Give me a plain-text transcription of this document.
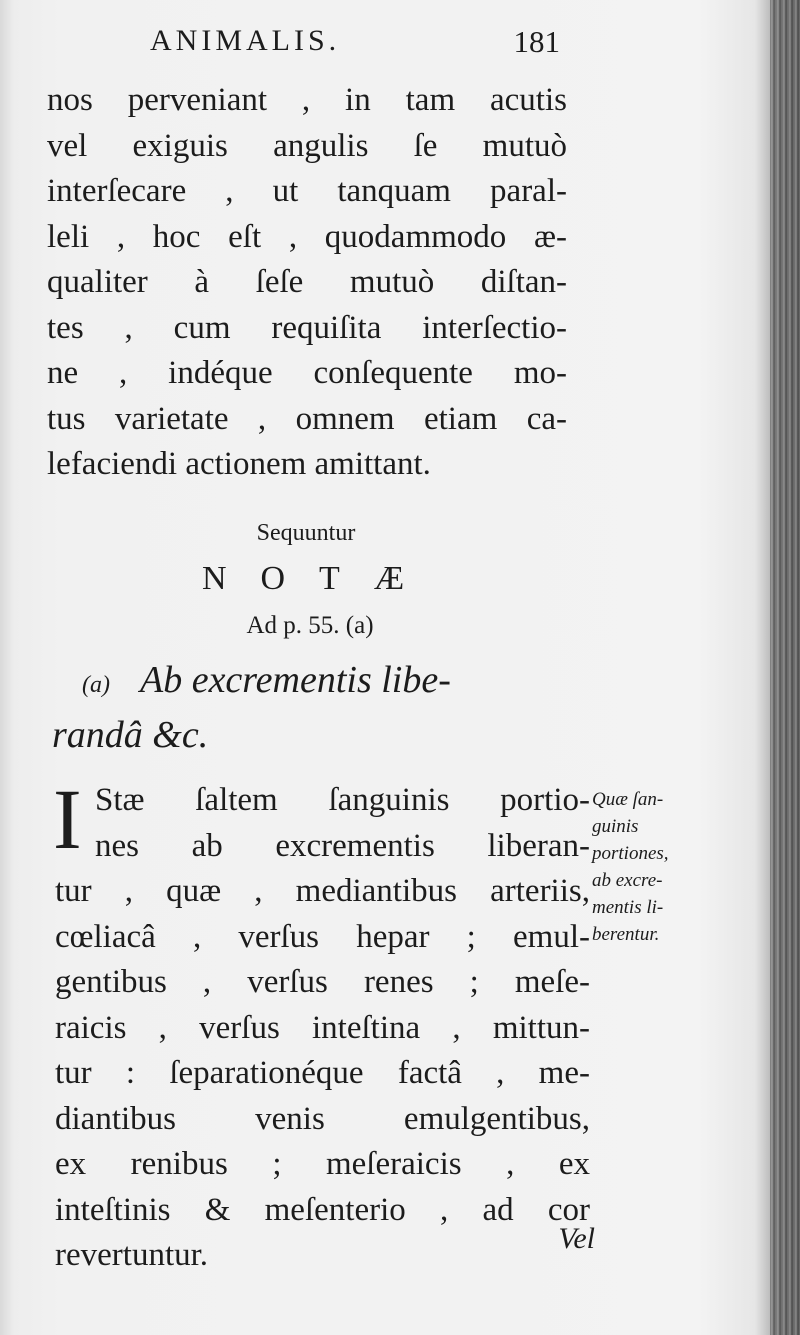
ANIMALIS.	181
nos perveniant , in tam acutis
vel exiguis angulis ſe mutuò
interſecare , ut tanquam paral-
leli , hoc eſt , quodammodo æ-
qualiter à ſeſe mutuò diſtan-
tes , cum requiſita interſectio-
ne , indéque conſequente mo-
tus varietate , omnem etiam ca-
lefaciendi actionem amittant.
Sequuntur
NOTÆ
Ad p. 55. (a)
(a) Ab excrementis libe-
randâ &c.
I Stæ ſaltem ſanguinis portio-
nes ab excrementis liberan-
tur , quæ , mediantibus arteriis,
cœliacâ , verſus hepar ; emul-
gentibus , verſus renes ; meſe-
raicis , verſus inteſtina , mittun-
tur : ſeparationéque factâ , me-
diantibus venis emulgentibus,
ex renibus ; meſeraicis , ex
inteſtinis & meſenterio , ad cor
revertuntur.
Quæ ſan-
guinis
portiones,
ab excre-
mentis li-
berentur.
Vel
